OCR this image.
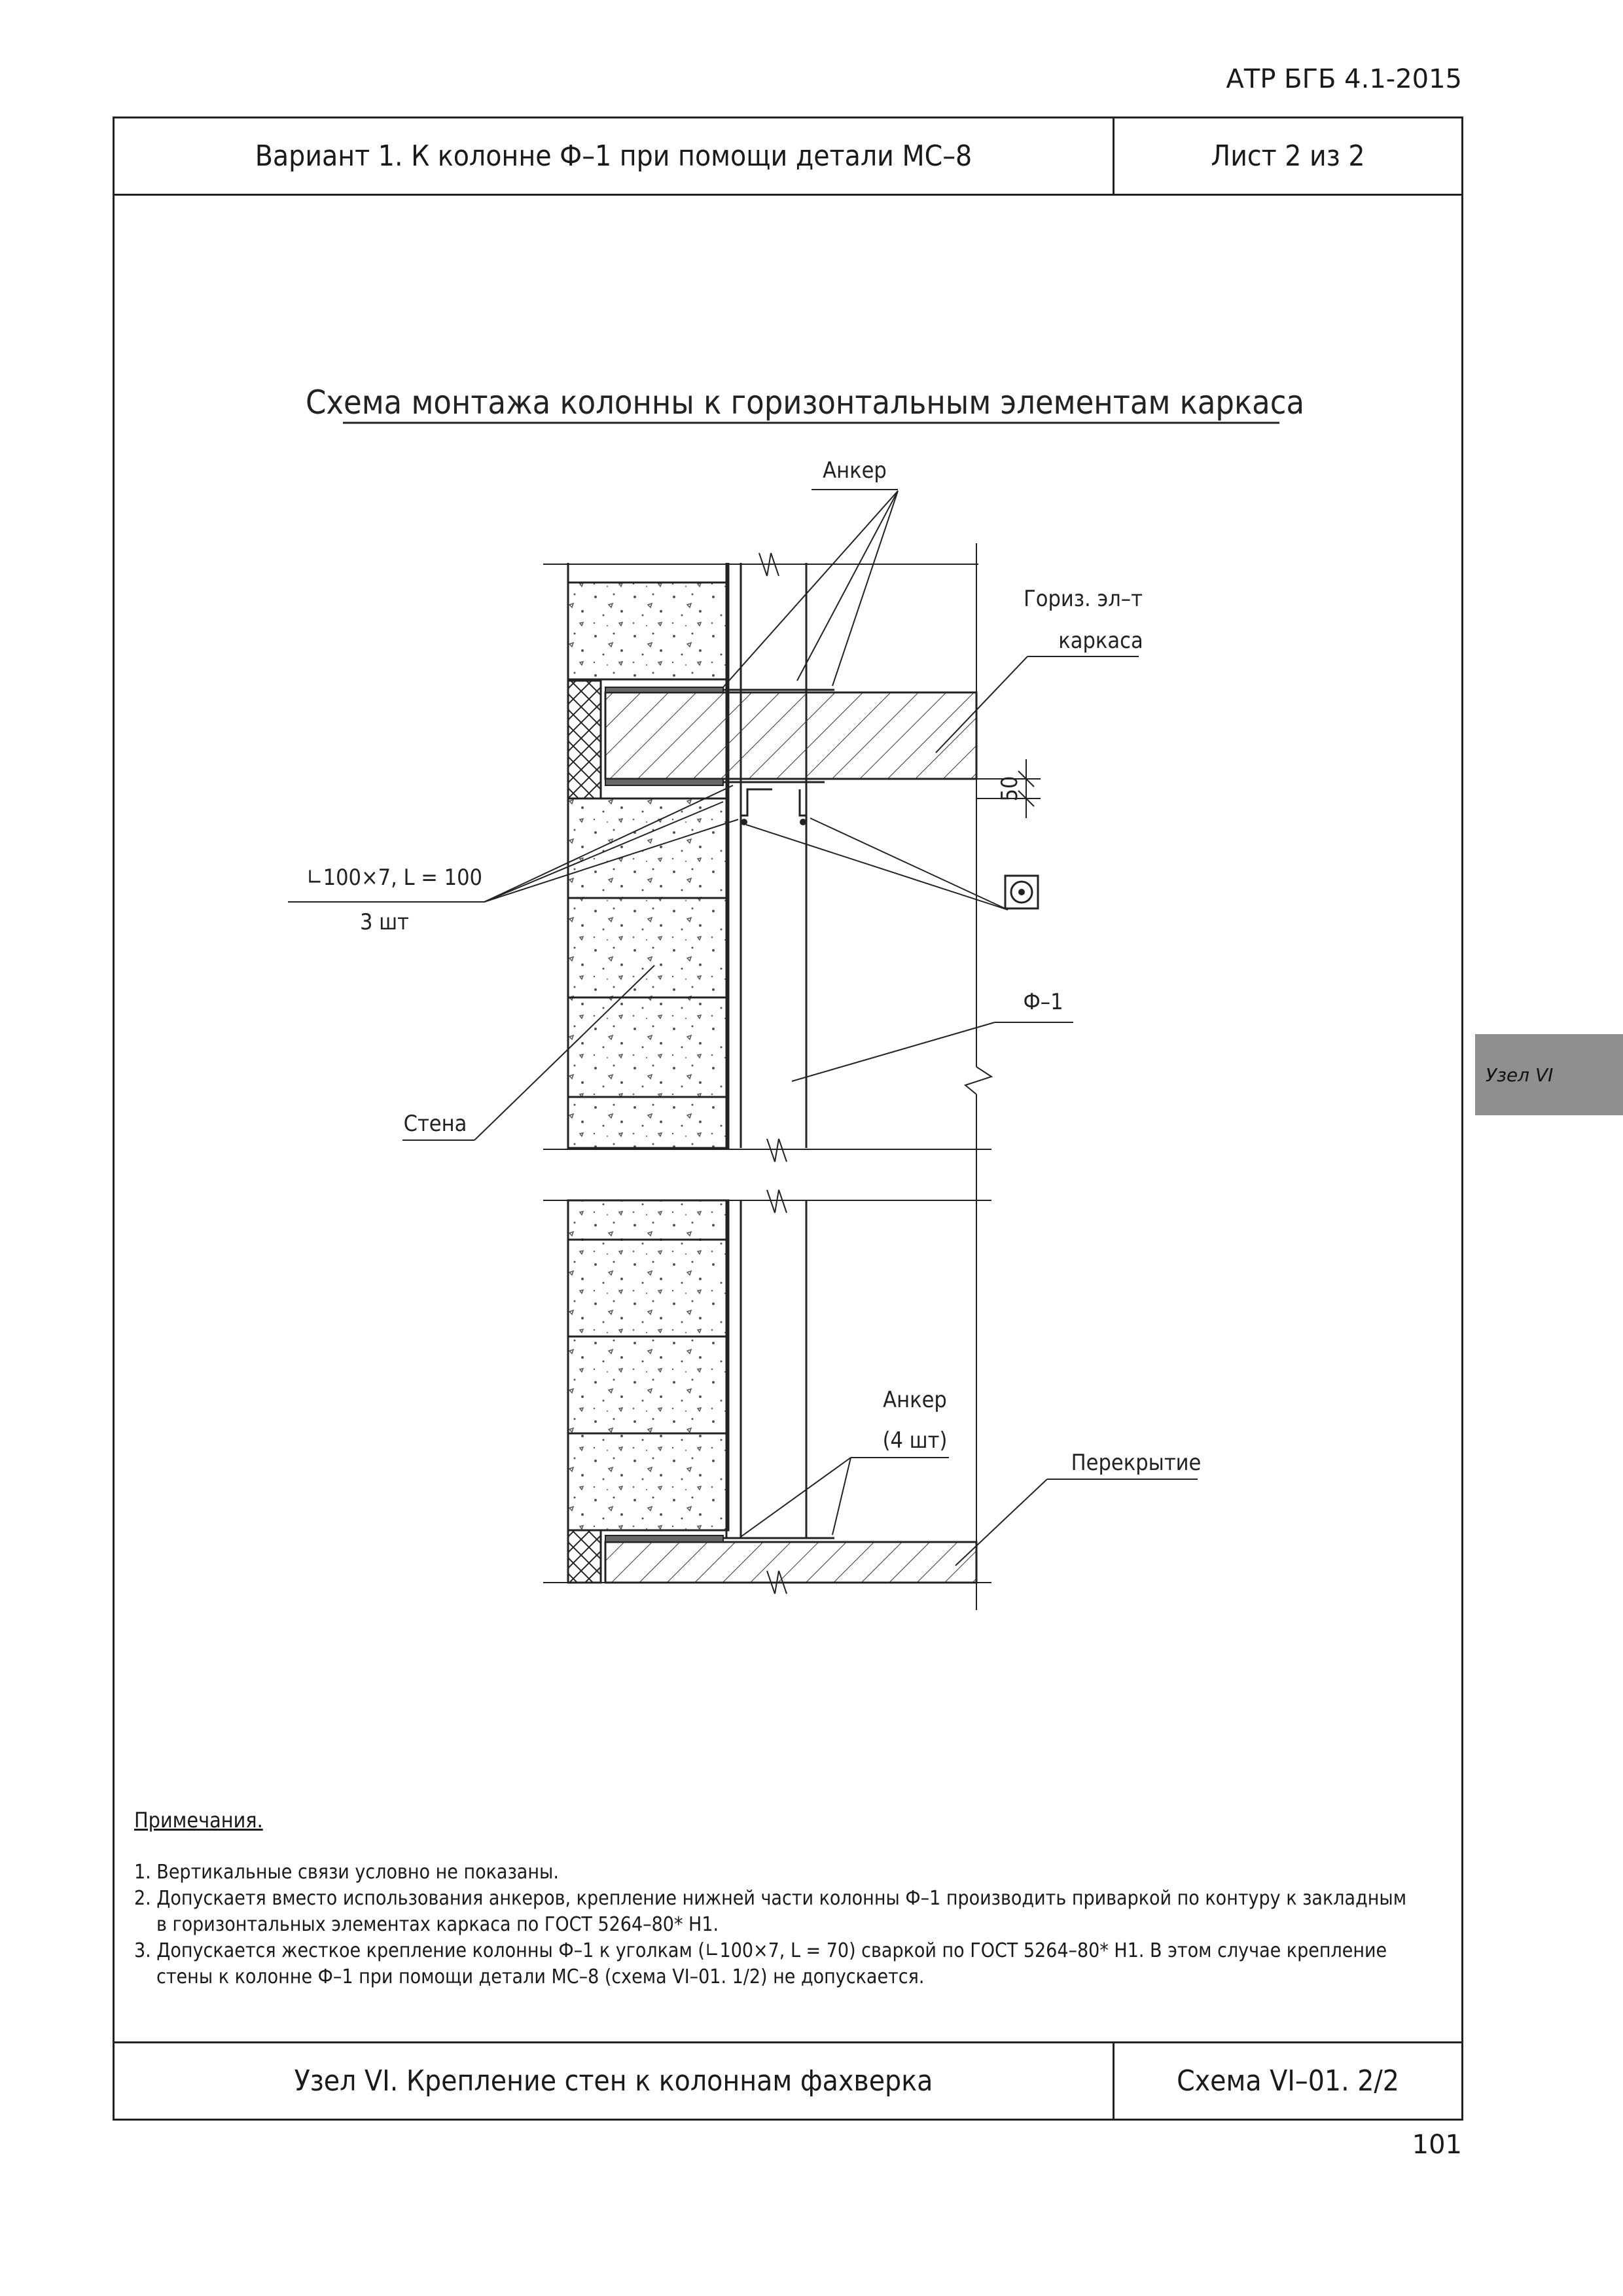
АТР БГБ 4.1-2015
Вариант 1. К колонне Ф–1 при помощи детали МС–8	Лист 2 из 2
Примечания.

1. Вертикальные связи условно не показаны.

2. Допускаетя вместо использования анкеров, крепление нижней части колонны Ф–1 производить приваркой по контуру к закладным
в горизонтальных элементах каркаса по ГОСТ 5264–80* Н1.

3. Допускается жесткое крепление колонны Ф–1 к уголкам (∟100×7, L = 70) сваркой по ГОСТ 5264–80* Н1. В этом случае крепление
стены к колонне Ф–1 при помощи детали МС–8 (схема VI–01. 1/2) не допускается.

Узел VI. Крепление стен к колоннам фахверка	Схема VI–01. 2/2
Схема монтажа колонны к горизонтальным элементам каркаса
50
Анкер
Гориз. эл–т
каркаса
∟100×7, L = 100
3 шт
Ф–1
Стена
Анкер
(4 шт)
Перекрытие
101
Узел VI
